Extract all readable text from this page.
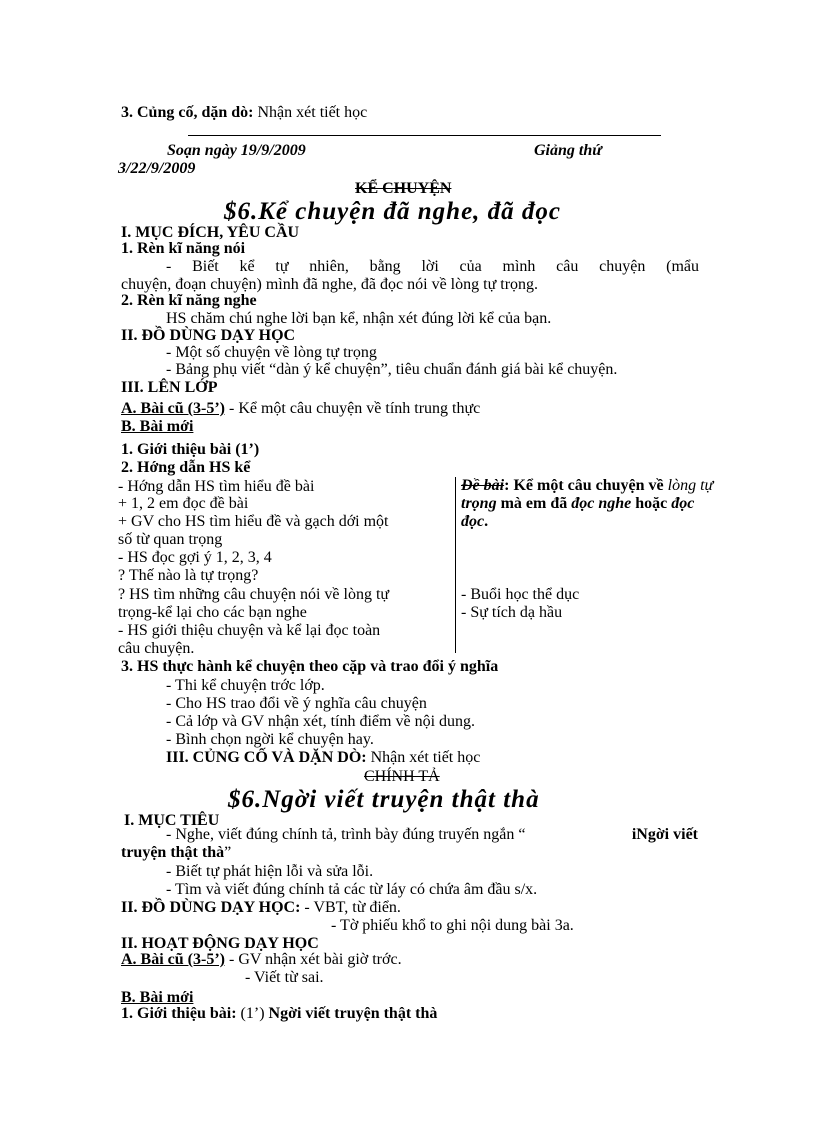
3. Củng cố, dặn dò: Nhận xét tiết học
Soạn ngày 19/9/2009	Giảng thứ
3/22/9/2009
KỂ CHUYỆN
$6.Kể chuyện đã nghe, đã đọc
I. MỤC ĐÍCH, YÊU CẦU
1. Rèn kĩ năng nói
- Biết kể tự nhiên, bằng lời của mình câu chuyện (mẩu
chuyện, đoạn chuyện) mình đã nghe, đã đọc nói về lòng tự trọng.
2. Rèn kĩ năng nghe
HS chăm chú nghe lời bạn kể, nhận xét đúng lời kể của bạn.
II. ĐỒ DÙNG DẠY HỌC
- Một số chuyện về lòng tự trọng
- Bảng phụ viết “dàn ý kể chuyện”, tiêu chuẩn đánh giá bài kể chuyện.
III. LÊN LỚP
A. Bài cũ (3-5’) - Kể một câu chuyện về tính trung thực
B. Bài mới
1. Giới thiệu bài (1’)
2. Hớng dẫn HS kể
- Hớng dẫn HS tìm hiểu đề bài
+ 1, 2 em đọc đề bài
+ GV cho HS tìm hiểu đề và gạch dới một
số từ quan trọng
- HS đọc gợi ý 1, 2, 3, 4
? Thế nào là tự trọng?
? HS tìm những câu chuyện nói về lòng tự
trọng-kể lại cho các bạn nghe
- HS giới thiệu chuyện và kể lại đọc toàn
câu chuyện.
Đề bài: Kể một câu chuyện về lòng tự
trọng mà em đã đọc nghe hoặc đọc
đọc.
- Buổi học thể dục
- Sự tích dạ hầu
3. HS thực hành kể chuyện theo cặp và trao đổi ý nghĩa
- Thi kể chuyện trớc lớp.
- Cho HS trao đổi về ý nghĩa câu chuyện
- Cả lớp và GV nhận xét, tính điểm về nội dung.
- Bình chọn ngời kể chuyện hay.
III. CỦNG CỐ VÀ DẶN DÒ: Nhận xét tiết học
CHÍNH TẢ
$6.Ngời viết truyện thật thà
I. MỤC TIÊU
- Nghe, viết đúng chính tả, trình bày đúng truyến ngắn “	iNgời viết
truyện thật thà”
- Biết tự phát hiện lỗi và sửa lỗi.
- Tìm và viết đúng chính tả các từ láy có chứa âm đầu s/x.
II. ĐỒ DÙNG DẠY HỌC: - VBT, từ điển.
- Tờ phiếu khổ to ghi nội dung bài 3a.
II. HOẠT ĐỘNG DẠY HỌC
A. Bài cũ (3-5’) - GV nhận xét bài giờ trớc.
- Viết từ sai.
B. Bài mới
1. Giới thiệu bài: (1’) Ngời viết truyện thật thà
